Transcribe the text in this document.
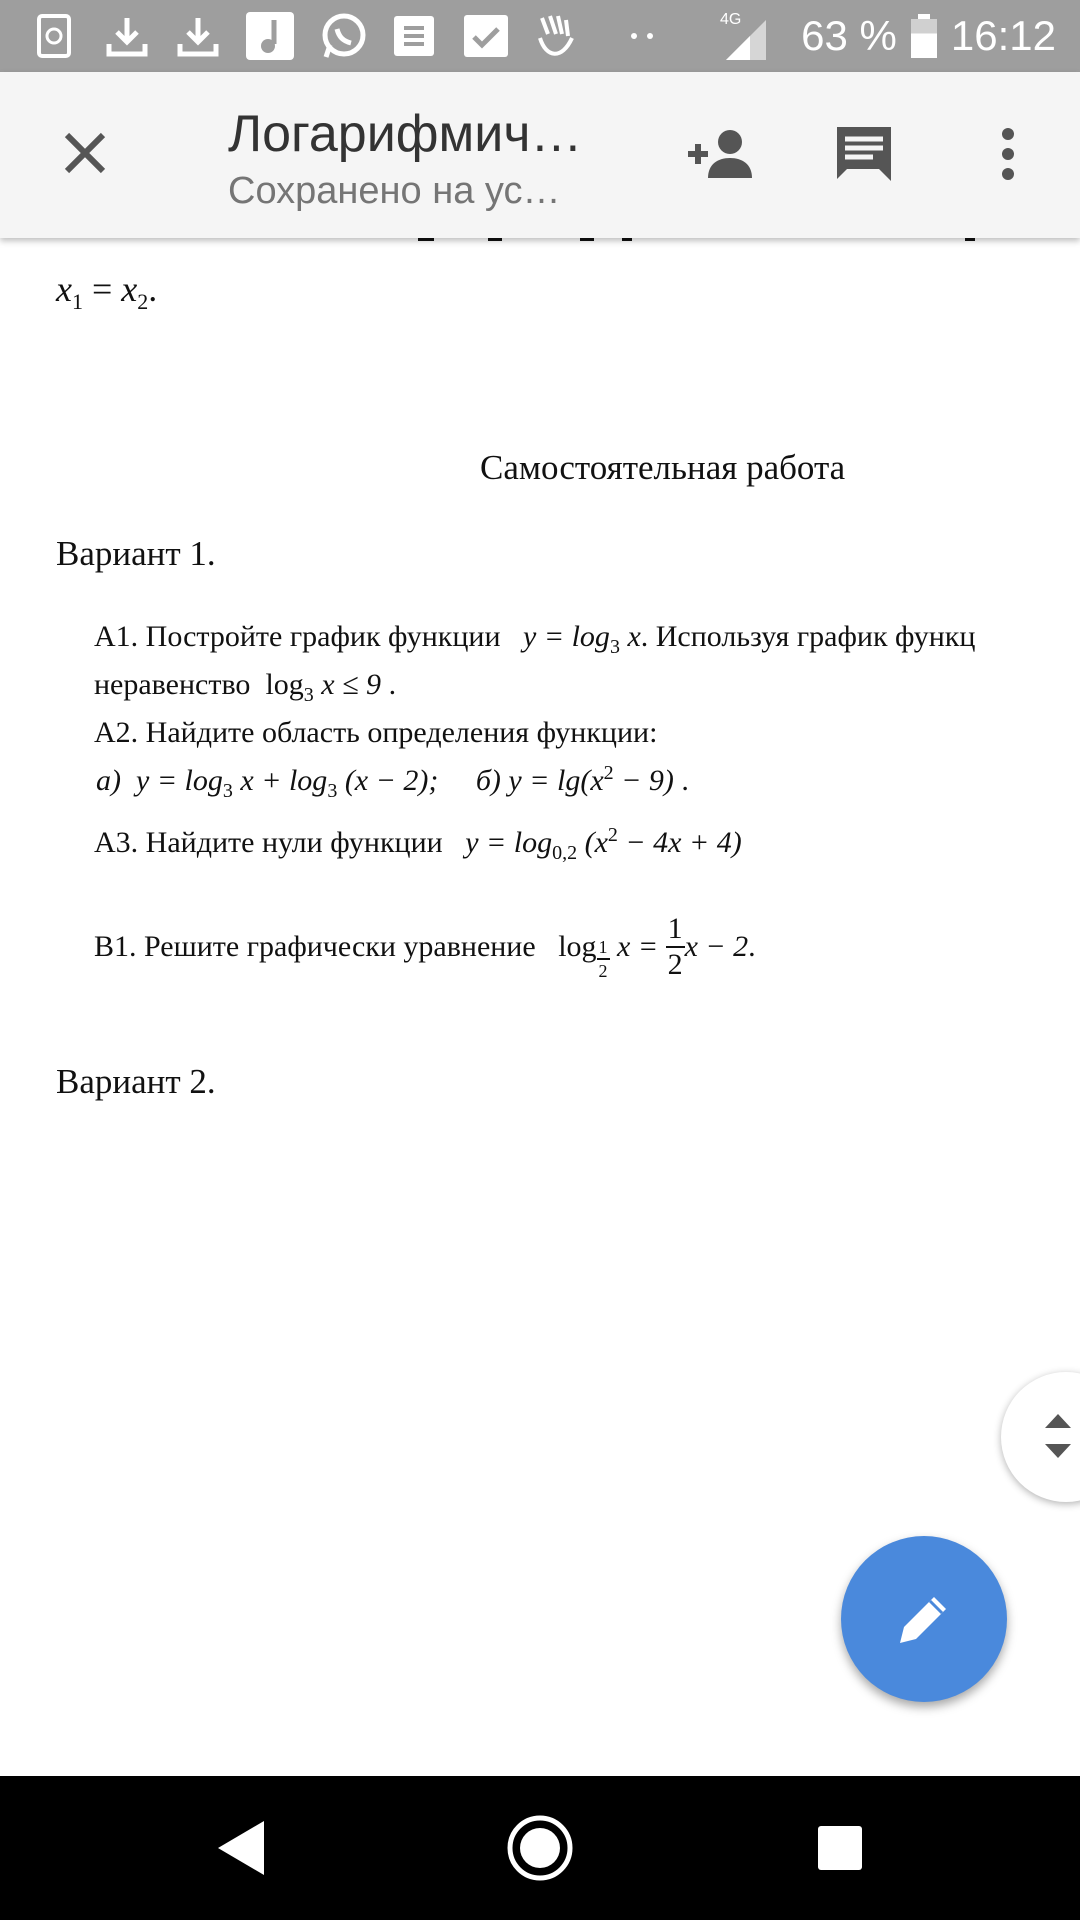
4G 63 % 16:12
Логарифмич…
Сохранено на ус…
$x_1 = x_2$.
Самостоятельная работа
Вариант 1.
А1. Постройте график функции $y = \log_3 x$. Используя график функц
неравенство $\log_3 x \le 9$ .
А2. Найдите область определения функции:
а) $y = \log_3 x + \log_3 (x - 2)$; б) $y = \lg(x^2 - 9)$ .
А3. Найдите нули функции $y = \log_{0,2} (x^2 - 4x + 4)$
В1. Решите графически уравнение $\log \frac{1}{2}$ $x = \frac{1}{2}$ x − 2.
Вариант 2.
